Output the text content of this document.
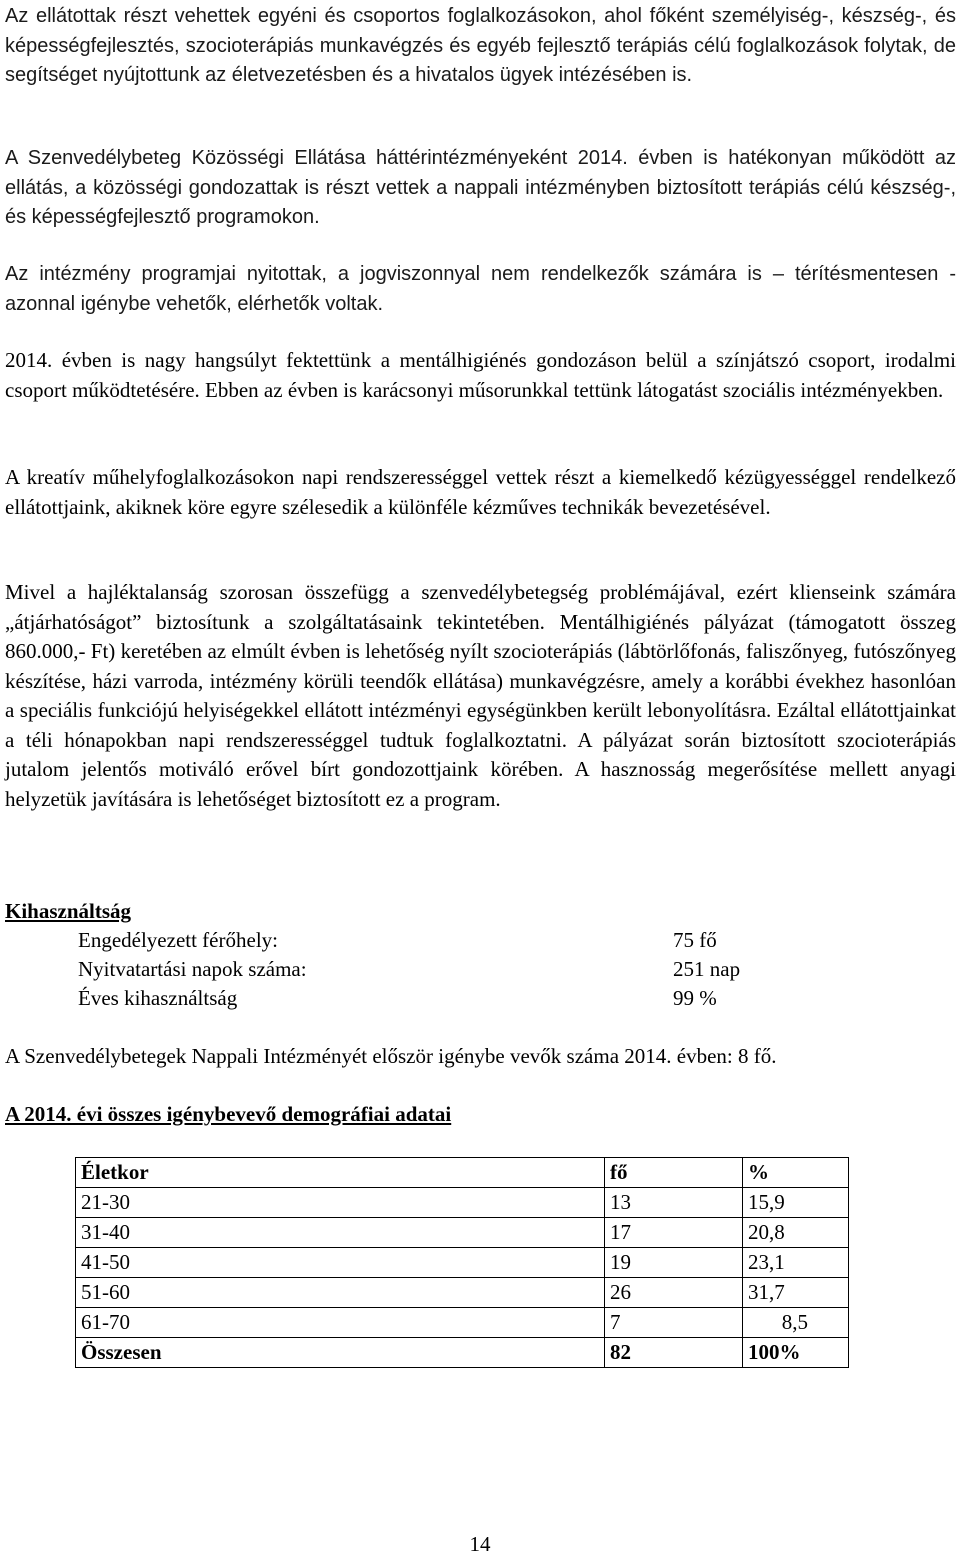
Az ellátottak részt vehettek egyéni és csoportos foglalkozásokon, ahol főként személyiség-, készség-, és képességfejlesztés, szocioterápiás munkavégzés és egyéb fejlesztő terápiás célú foglalkozások folytak, de segítséget nyújtottunk az életvezetésben és a hivatalos ügyek intézésében is.
A Szenvedélybeteg Közösségi Ellátása háttérintézményeként 2014. évben is hatékonyan működött az ellátás, a közösségi gondozattak is részt vettek a nappali intézményben biztosított terápiás célú készség-, és képességfejlesztő programokon.
Az intézmény programjai nyitottak, a jogviszonnyal nem rendelkezők számára is – térítésmentesen - azonnal igénybe vehetők, elérhetők voltak.
2014. évben is nagy hangsúlyt fektettünk a mentálhigiénés gondozáson belül a színjátszó csoport, irodalmi csoport működtetésére. Ebben az évben is karácsonyi műsorunkkal tettünk látogatást szociális intézményekben.
A kreatív műhelyfoglalkozásokon napi rendszerességgel vettek részt a kiemelkedő kézügyességgel rendelkező ellátottjaink, akiknek köre egyre szélesedik a különféle kézműves technikák bevezetésével.
Mivel a hajléktalanság szorosan összefügg a szenvedélybetegség problémájával, ezért klienseink számára „átjárhatóságot” biztosítunk a szolgáltatásaink tekintetében. Mentálhigiénés pályázat (támogatott összeg 860.000,- Ft) keretében az elmúlt évben is lehetőség nyílt szocioterápiás (lábtörlőfonás, faliszőnyeg, futószőnyeg készítése, házi varroda, intézmény körüli teendők ellátása) munkavégzésre, amely a korábbi évekhez hasonlóan a speciális funkciójú helyiségekkel ellátott intézményi egységünkben került lebonyolításra. Ezáltal ellátottjainkat a téli hónapokban napi rendszerességgel tudtuk foglalkoztatni. A pályázat során biztosított szocioterápiás jutalom jelentős motiváló erővel bírt gondozottjaink körében. A hasznosság megerősítése mellett anyagi helyzetük javítására is lehetőséget biztosított ez a program.
Kihasználtság
Engedélyezett férőhely:	75 fő
Nyitvatartási napok száma:	251 nap
Éves kihasználtság	99 %
A Szenvedélybetegek Nappali Intézményét először igénybe vevők száma 2014. évben: 8 fő.
A 2014. évi összes igénybevevő demográfiai adatai
Életkor	fő	%
21-30	13	15,9
31-40	17	20,8
41-50	19	23,1
51-60	26	31,7
61-70	7	8,5
Összesen	82	100%
14
